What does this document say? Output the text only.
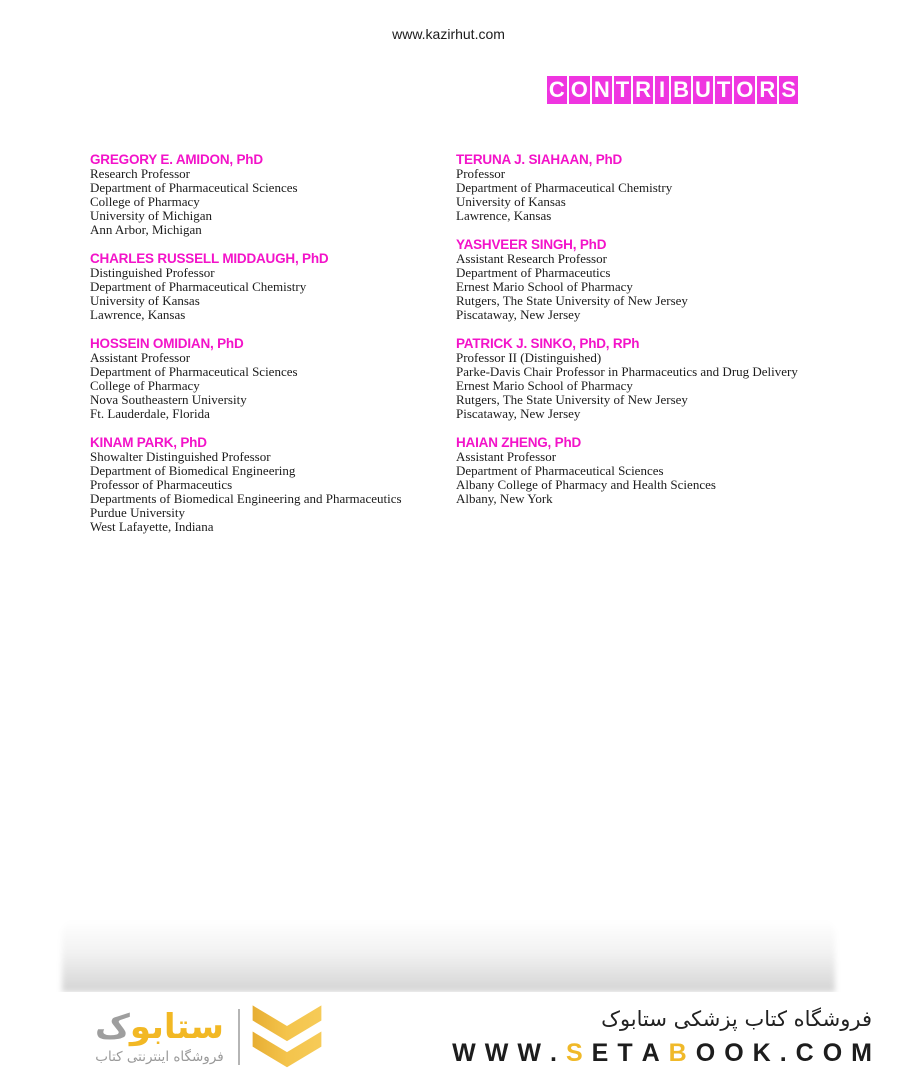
www.kazirhut.com
C O N T R I B U T O R S
GREGORY E. AMIDON, PhD
Research Professor
Department of Pharmaceutical Sciences
College of Pharmacy
University of Michigan
Ann Arbor, Michigan
CHARLES RUSSELL MIDDAUGH, PhD
Distinguished Professor
Department of Pharmaceutical Chemistry
University of Kansas
Lawrence, Kansas
HOSSEIN OMIDIAN, PhD
Assistant Professor
Department of Pharmaceutical Sciences
College of Pharmacy
Nova Southeastern University
Ft. Lauderdale, Florida
KINAM PARK, PhD
Showalter Distinguished Professor
Department of Biomedical Engineering
Professor of Pharmaceutics
Departments of Biomedical Engineering and Pharmaceutics
Purdue University
West Lafayette, Indiana
TERUNA J. SIAHAAN, PhD
Professor
Department of Pharmaceutical Chemistry
University of Kansas
Lawrence, Kansas
YASHVEER SINGH, PhD
Assistant Research Professor
Department of Pharmaceutics
Ernest Mario School of Pharmacy
Rutgers, The State University of New Jersey
Piscataway, New Jersey
PATRICK J. SINKO, PhD, RPh
Professor II (Distinguished)
Parke-Davis Chair Professor in Pharmaceutics and Drug Delivery
Ernest Mario School of Pharmacy
Rutgers, The State University of New Jersey
Piscataway, New Jersey
HAIAN ZHENG, PhD
Assistant Professor
Department of Pharmaceutical Sciences
Albany College of Pharmacy and Health Sciences
Albany, New York
ستابوک
فروشگاه اینترنتی کتاب
فروشگاه کتاب پزشکی ستابوک
W W W . S E T A B O O K . C O M
